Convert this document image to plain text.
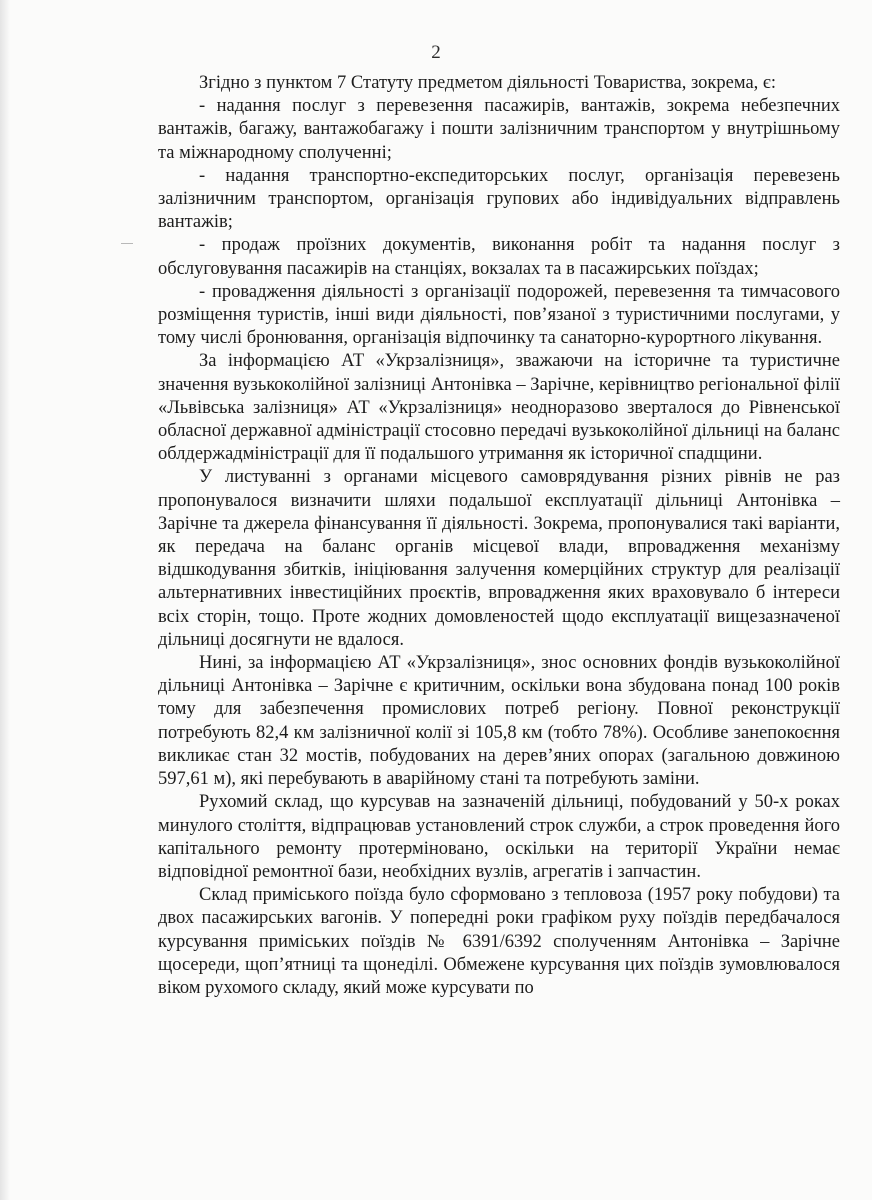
2

Згідно з пунктом 7 Статуту предметом діяльності Товариства, зокрема, є:

- надання послуг з перевезення пасажирів, вантажів, зокрема небезпечних вантажів, багажу, вантажобагажу і пошти залізничним транспортом у внутрішньому та міжнародному сполученні;

- надання транспортно-експедиторських послуг, організація перевезень залізничним транспортом, організація групових або індивідуальних відправлень вантажів;

- продаж проїзних документів, виконання робіт та надання послуг з обслуговування пасажирів на станціях, вокзалах та в пасажирських поїздах;

- провадження діяльності з організації подорожей, перевезення та тимчасового розміщення туристів, інші види діяльності, пов’язаної з туристичними послугами, у тому числі бронювання, організація відпочинку та санаторно-курортного лікування.

За інформацією АТ «Укрзалізниця», зважаючи на історичне та туристичне значення вузькоколійної залізниці Антонівка – Зарічне, керівництво регіональної філії «Львівська залізниця» АТ «Укрзалізниця» неодноразово зверталося до Рівненської обласної державної адміністрації стосовно передачі вузькоколійної дільниці на баланс облдержадміністрації для її подальшого утримання як історичної спадщини.

У листуванні з органами місцевого самоврядування різних рівнів не раз пропонувалося визначити шляхи подальшої експлуатації дільниці Антонівка – Зарічне та джерела фінансування її діяльності. Зокрема, пропонувалися такі варіанти, як передача на баланс органів місцевої влади, впровадження механізму відшкодування збитків, ініціювання залучення комерційних структур для реалізації альтернативних інвестиційних проєктів, впровадження яких враховувало б інтереси всіх сторін, тощо. Проте жодних домовленостей щодо експлуатації вищезазначеної дільниці досягнути не вдалося.

Нині, за інформацією АТ «Укрзалізниця», знос основних фондів вузькоколійної дільниці Антонівка – Зарічне є критичним, оскільки вона збудована понад 100 років тому для забезпечення промислових потреб регіону. Повної реконструкції потребують 82,4 км залізничної колії зі 105,8 км (тобто 78%). Особливе занепокоєння викликає стан 32 мостів, побудованих на дерев’яних опорах (загальною довжиною 597,61 м), які перебувають в аварійному стані та потребують заміни.

Рухомий склад, що курсував на зазначеній дільниці, побудований у 50-х роках минулого століття, відпрацював установлений строк служби, а строк проведення його капітального ремонту протерміновано, оскільки на території України немає відповідної ремонтної бази, необхідних вузлів, агрегатів і запчастин.

Склад приміського поїзда було сформовано з тепловоза (1957 року побудови) та двох пасажирських вагонів. У попередні роки графіком руху поїздів передбачалося курсування приміських поїздів № 6391/6392 сполученням Антонівка – Зарічне щосереди, щоп’ятниці та щонеділі. Обмежене курсування цих поїздів зумовлювалося віком рухомого складу, який може курсувати по
